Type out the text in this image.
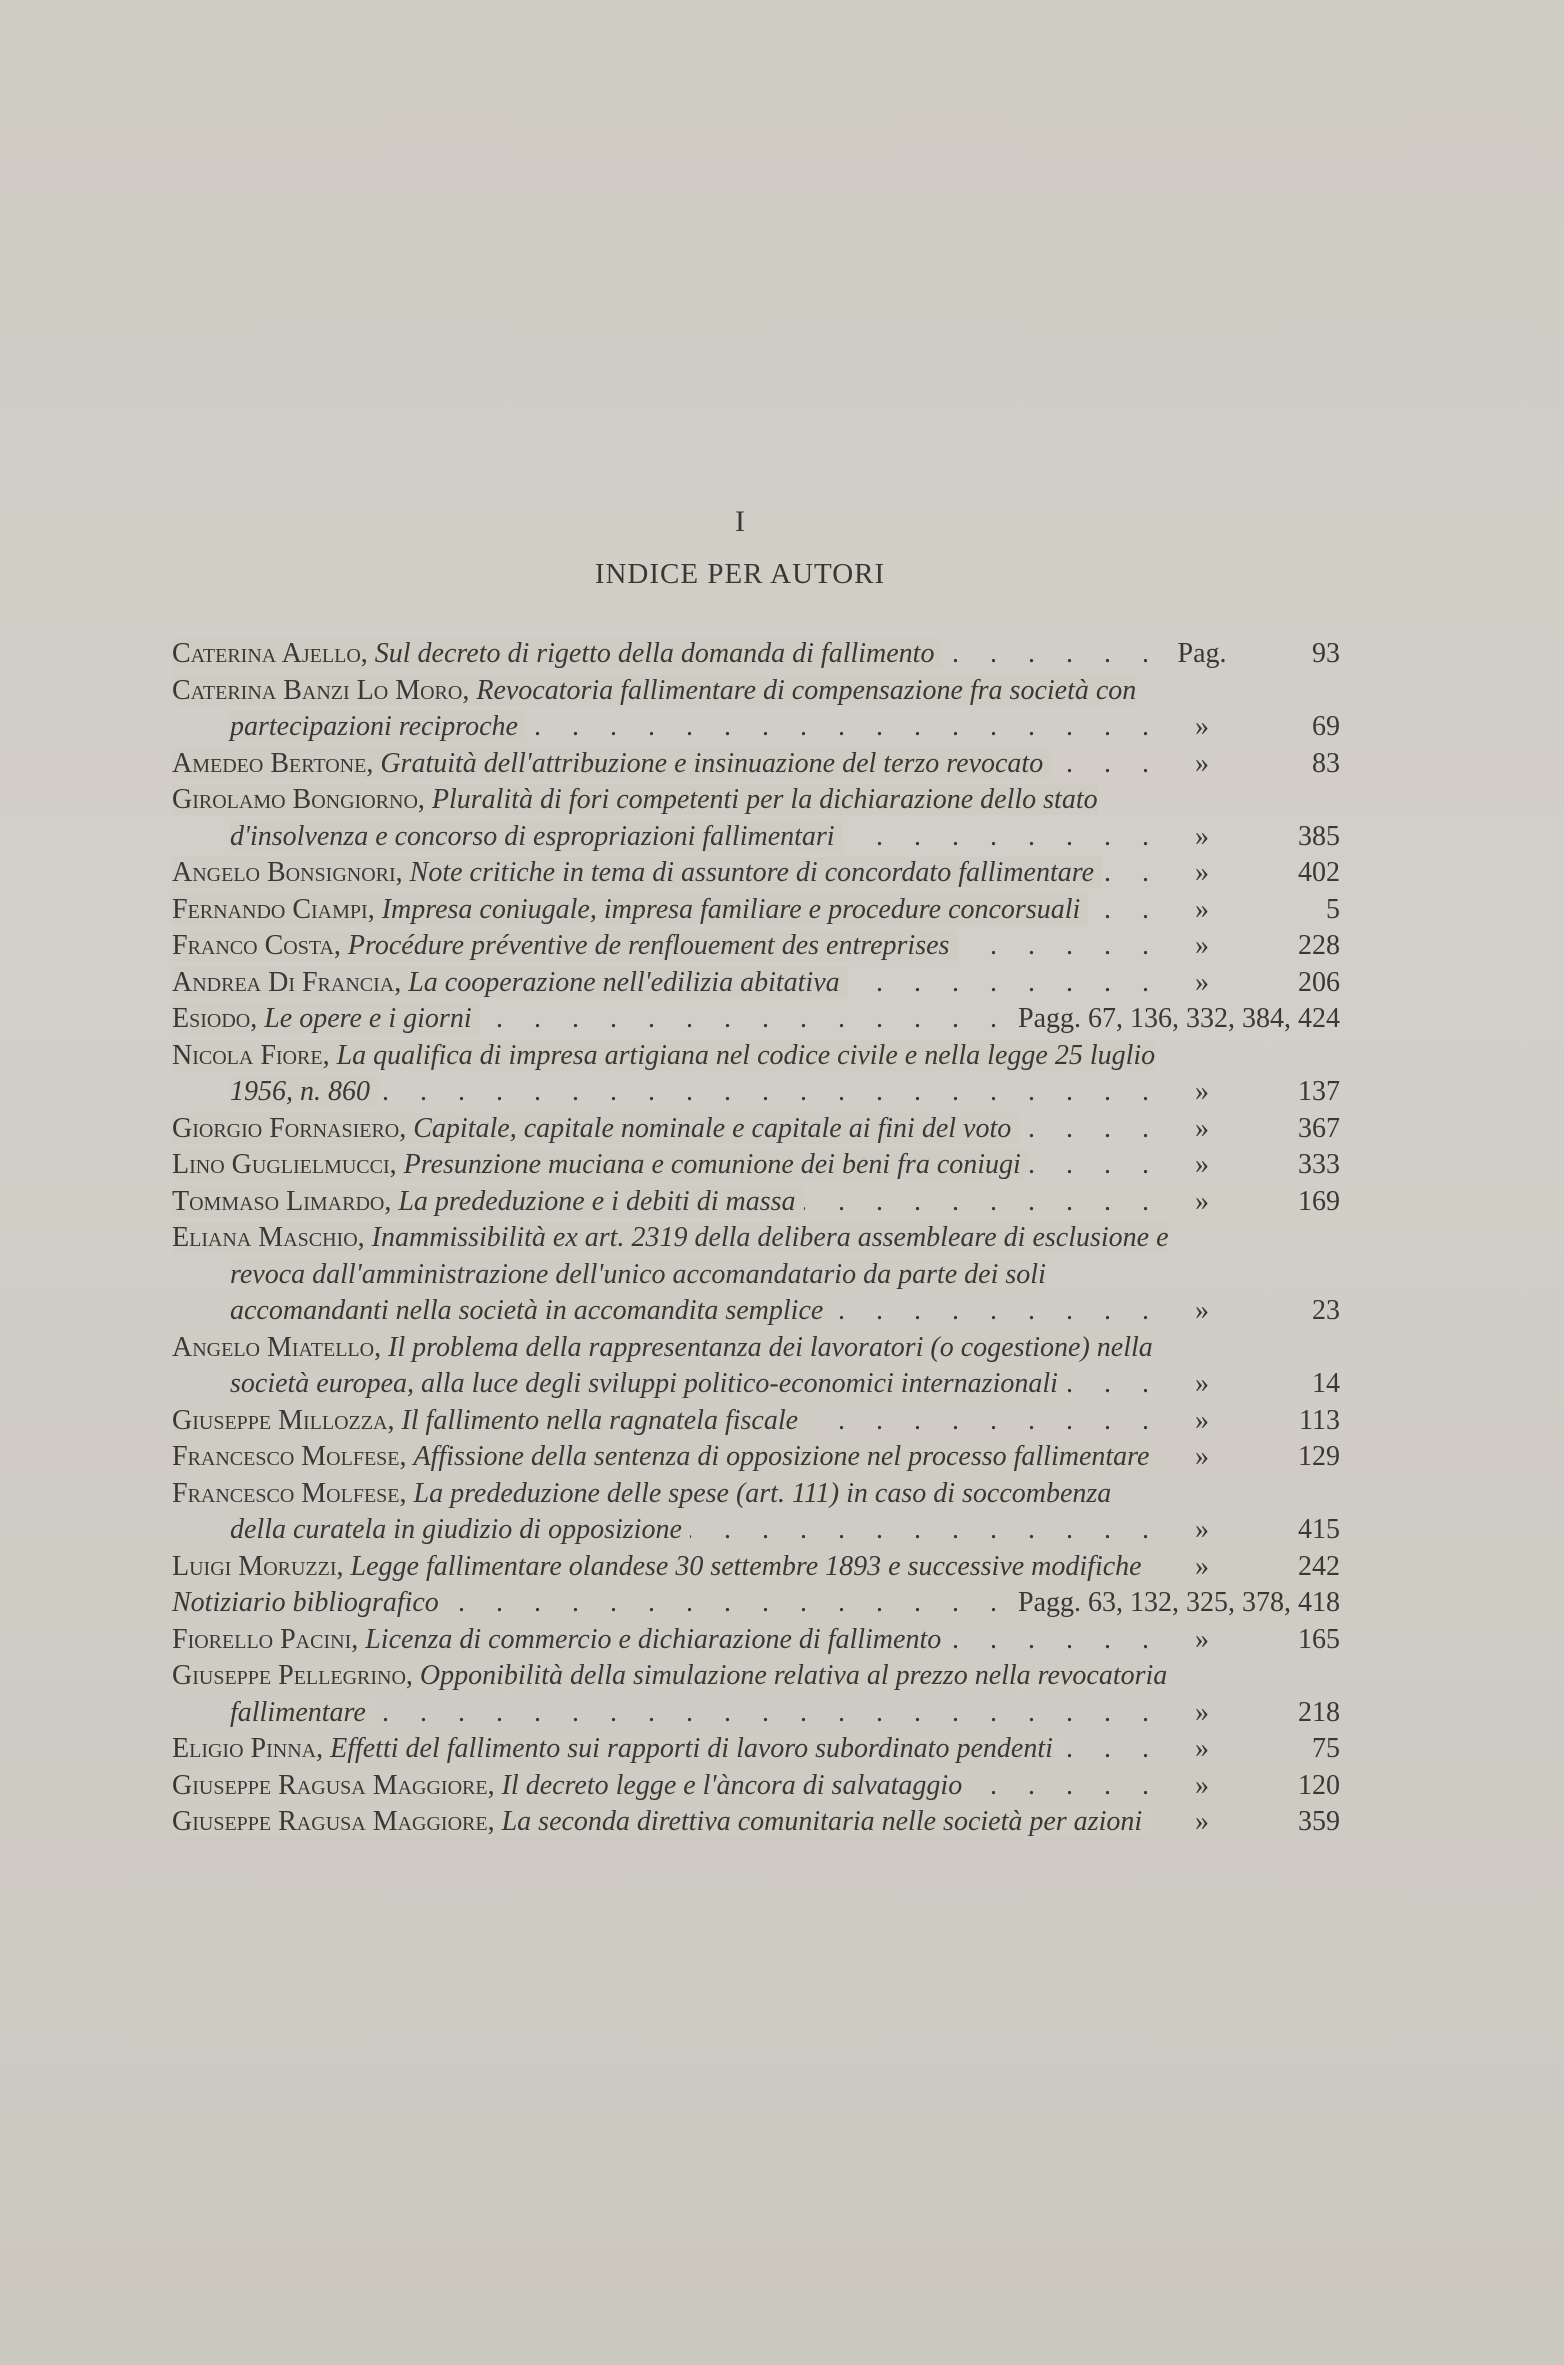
I
INDICE PER AUTORI
Caterina Ajello, Sul decreto di rigetto della domanda di fallimento . . .	Pag.	93
Caterina Banzi Lo Moro, Revocatoria fallimentare di compensazione fra società con partecipazioni reciproche . . .	»	69
Amedeo Bertone, Gratuità dell'attribuzione e insinuazione del terzo revocato . . .	»	83
Girolamo Bongiorno, Pluralità di fori competenti per la dichiarazione dello stato d'insolvenza e concorso di espropriazioni fallimentari . . .	»	385
Angelo Bonsignori, Note critiche in tema di assuntore di concordato fallimentare . . .	»	402
Fernando Ciampi, Impresa coniugale, impresa familiare e procedure concorsuali . . .	»	5
Franco Costa, Procédure préventive de renflouement des entreprises . . .	»	228
Andrea Di Francia, La cooperazione nell'edilizia abitativa . . .	»	206
Esiodo, Le opere e i giorni . . .	Pagg. 67, 136, 332, 384, 424
Nicola Fiore, La qualifica di impresa artigiana nel codice civile e nella legge 25 luglio 1956, n. 860 . . .	»	137
Giorgio Fornasiero, Capitale, capitale nominale e capitale ai fini del voto . . .	»	367
Lino Guglielmucci, Presunzione muciana e comunione dei beni fra coniugi . . .	»	333
Tommaso Limardo, La prededuzione e i debiti di massa . . .	»	169
Eliana Maschio, Inammissibilità ex art. 2319 della delibera assembleare di esclusione e revoca dall'amministrazione dell'unico accomandatario da parte dei soli accomandanti nella società in accomandita semplice . . .	»	23
Angelo Miatello, Il problema della rappresentanza dei lavoratori (o cogestione) nella società europea, alla luce degli sviluppi politico-economici internazionali . . .	»	14
Giuseppe Millozza, Il fallimento nella ragnatela fiscale . . .	»	113
Francesco Molfese, Affissione della sentenza di opposizione nel processo fallimentare . . .	»	129
Francesco Molfese, La prededuzione delle spese (art. 111) in caso di soccombenza della curatela in giudizio di opposizione . . .	»	415
Luigi Moruzzi, Legge fallimentare olandese 30 settembre 1893 e successive modifiche . . .	»	242
Notiziario bibliografico . . .	Pagg. 63, 132, 325, 378, 418
Fiorello Pacini, Licenza di commercio e dichiarazione di fallimento . . .	»	165
Giuseppe Pellegrino, Opponibilità della simulazione relativa al prezzo nella revocatoria fallimentare . . .	»	218
Eligio Pinna, Effetti del fallimento sui rapporti di lavoro subordinato pendenti . . .	»	75
Giuseppe Ragusa Maggiore, Il decreto legge e l'àncora di salvataggio . . .	»	120
Giuseppe Ragusa Maggiore, La seconda direttiva comunitaria nelle società per azioni . . .	»	359
